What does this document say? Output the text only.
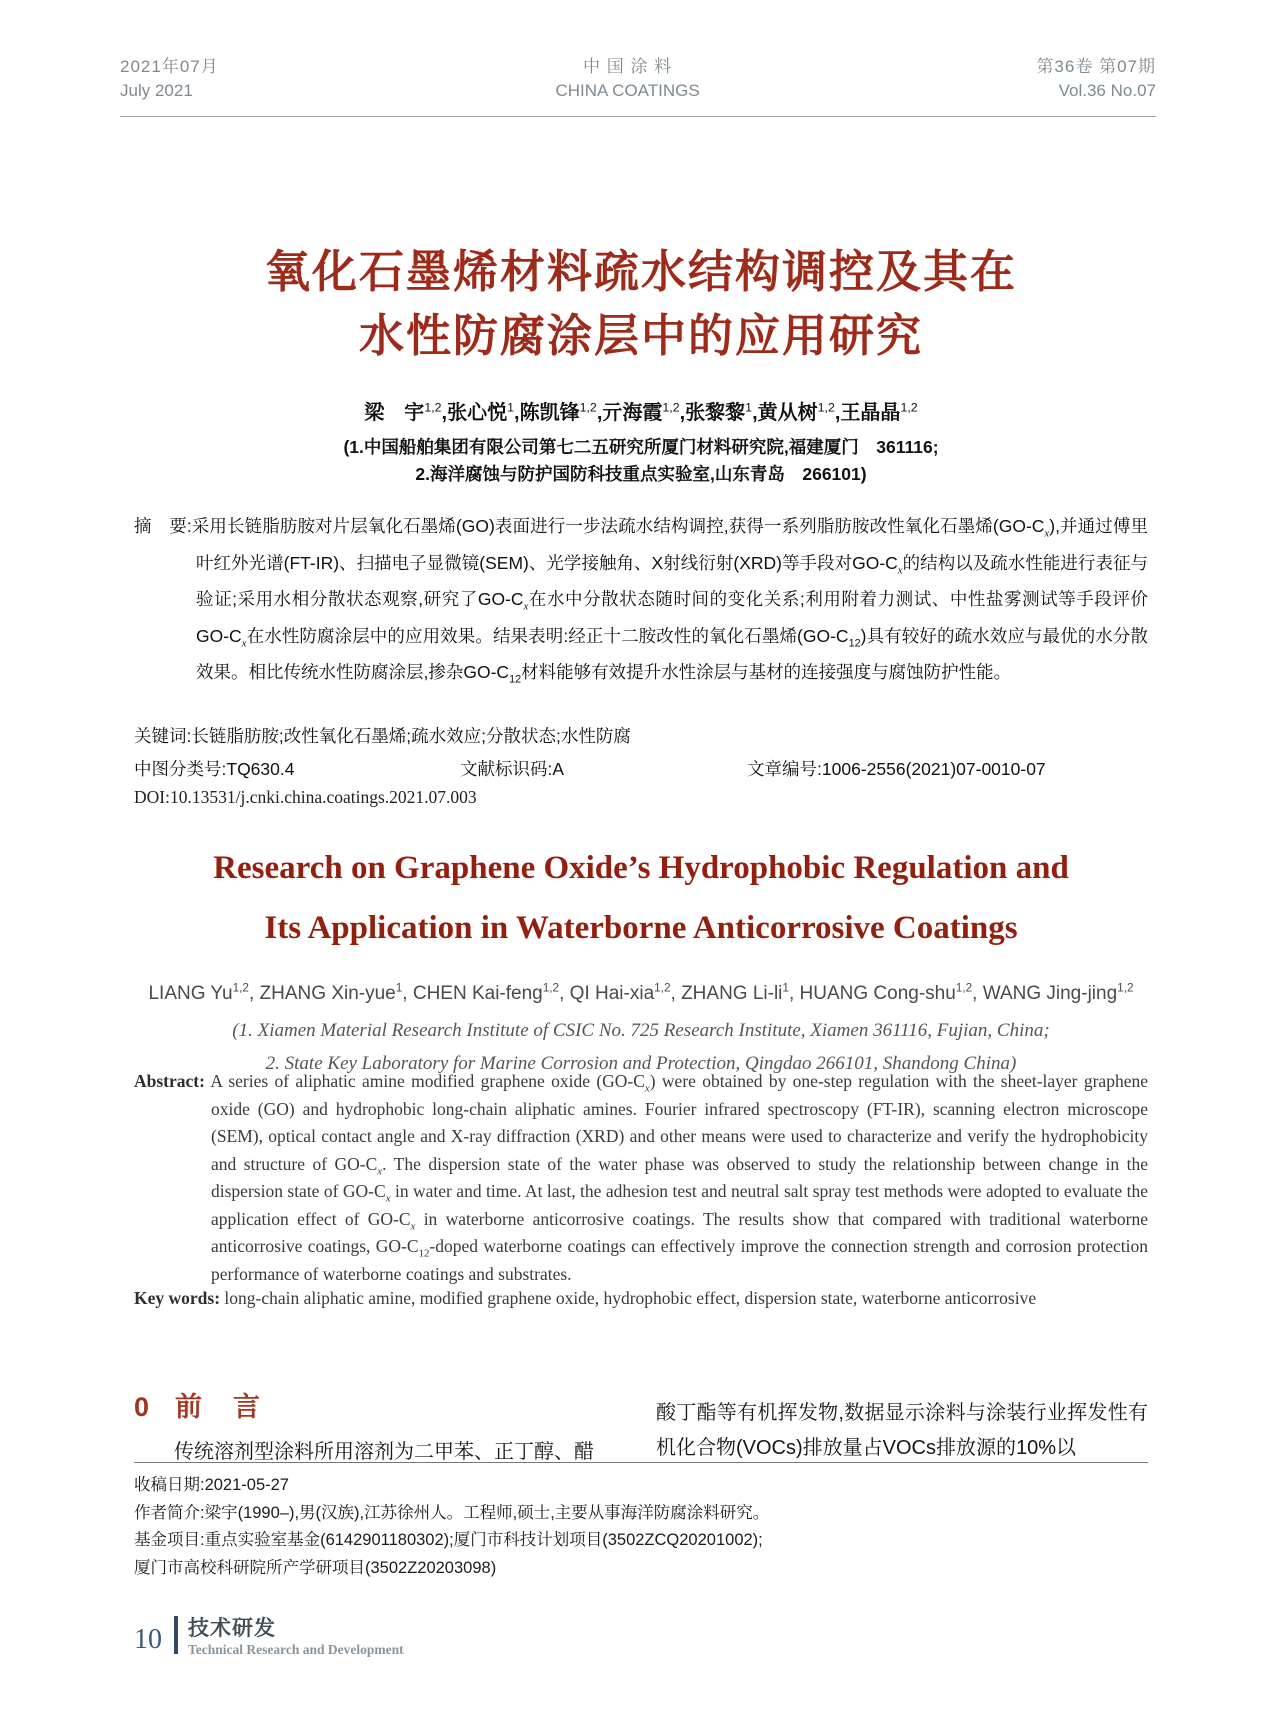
2021年07月
July 2021
中 国 涂 料
CHINA COATINGS
第36卷 第07期
Vol.36 No.07
氧化石墨烯材料疏水结构调控及其在
水性防腐涂层中的应用研究
梁　宇$^{1,2}$,张心悦$^1$,陈凯锋$^{1,2}$,亓海霞$^{1,2}$,张黎黎$^1$,黄从树$^{1,2}$,王晶晶$^{1,2}$
(1.中国船舶集团有限公司第七二五研究所厦门材料研究院,福建厦门　361116;
2.海洋腐蚀与防护国防科技重点实验室,山东青岛　266101)

摘　要:采用长链脂肪胺对片层氧化石墨烯(GO)表面进行一步法疏水结构调控,获得一系列脂肪胺改性氧化石墨烯$(GO-C_x)$,并通过傅里叶红外光谱(FT-IR)、扫描电子显微镜(SEM)、光学接触角、X射线衍射(XRD)等手段对$GO-C_x$的结构以及疏水性能进行表征与验证;采用水相分散状态观察,研究了$GO-C_x$在水中分散状态随时间的变化关系;利用附着力测试、中性盐雾测试等手段评价$GO-C_x$在水性防腐涂层中的应用效果。结果表明:经正十二胺改性的氧化石墨烯$(GO-C_{12})$具有较好的疏水效应与最优的水分散效果。相比传统水性防腐涂层,掺杂$GO-C_{12}$材料能够有效提升水性涂层与基材的连接强度与腐蚀防护性能。

关键词:长链脂肪胺;改性氧化石墨烯;疏水效应;分散状态;水性防腐

中图分类号:TQ630.4	文献标识码:A	文章编号:1006-2556(2021)07-0010-07
DOI:10.13531/j.cnki.china.coatings.2021.07.003
Research on Graphene Oxide’s Hydrophobic Regulation and
Its Application in Waterborne Anticorrosive Coatings
LIANG Yu$^{1,2}$, ZHANG Xin-yue$^1$, CHEN Kai-feng$^{1,2}$, QI Hai-xia$^{1,2}$, ZHANG $Li-li^1$, HUANG Cong-shu$^{1,2}$, WANG Jing-jing$^{1,2}$
(1. Xiamen Material Research Institute of CSIC No. 725 Research Institute, Xiamen 361116, Fujian, China;
2. State Key Laboratory for Marine Corrosion and Protection, Qingdao 266101, Shandong China)

Abstract: A series of aliphatic amine modified graphene oxide $(GO-C_x)$ were obtained by one-step regulation with the sheet-layer graphene oxide (GO) and hydrophobic long-chain aliphatic amines. Fourier infrared spectroscopy (FT-IR), scanning electron microscope (SEM), optical contact angle and X-ray diffraction (XRD) and other means were used to characterize and verify the hydrophobicity and structure of $GO-C_x$. The dispersion state of the water phase was observed to study the relationship between change in the dispersion state of $GO-C_x$ in water and time. At last, the adhesion test and neutral salt spray test methods were adopted to evaluate the application effect of $GO-C_x$ in waterborne anticorrosive coatings. The results show that compared with traditional waterborne anticorrosive coatings, $GO-C_{12}$-doped waterborne coatings can effectively improve the connection strength and corrosion protection performance of waterborne coatings and substrates.

Key words: long-chain aliphatic amine, modified graphene oxide, hydrophobic effect, dispersion state, waterborne anticorrosive

0 前　言

传统溶剂型涂料所用溶剂为二甲苯、正丁醇、醋

酸丁酯等有机挥发物,数据显示涂料与涂装行业挥发性有机化合物(VOCs)排放量占VOCs排放源的10%以

收稿日期:2021-05-27
作者简介:梁宇(1990–),男(汉族),江苏徐州人。工程师,硕士,主要从事海洋防腐涂料研究。
基金项目:重点实验室基金(6142901180302);厦门市科技计划项目(3502ZCQ20201002);
厦门市高校科研院所产学研项目(3502Z20203098)
10 技术研发
Technical Research and Development
